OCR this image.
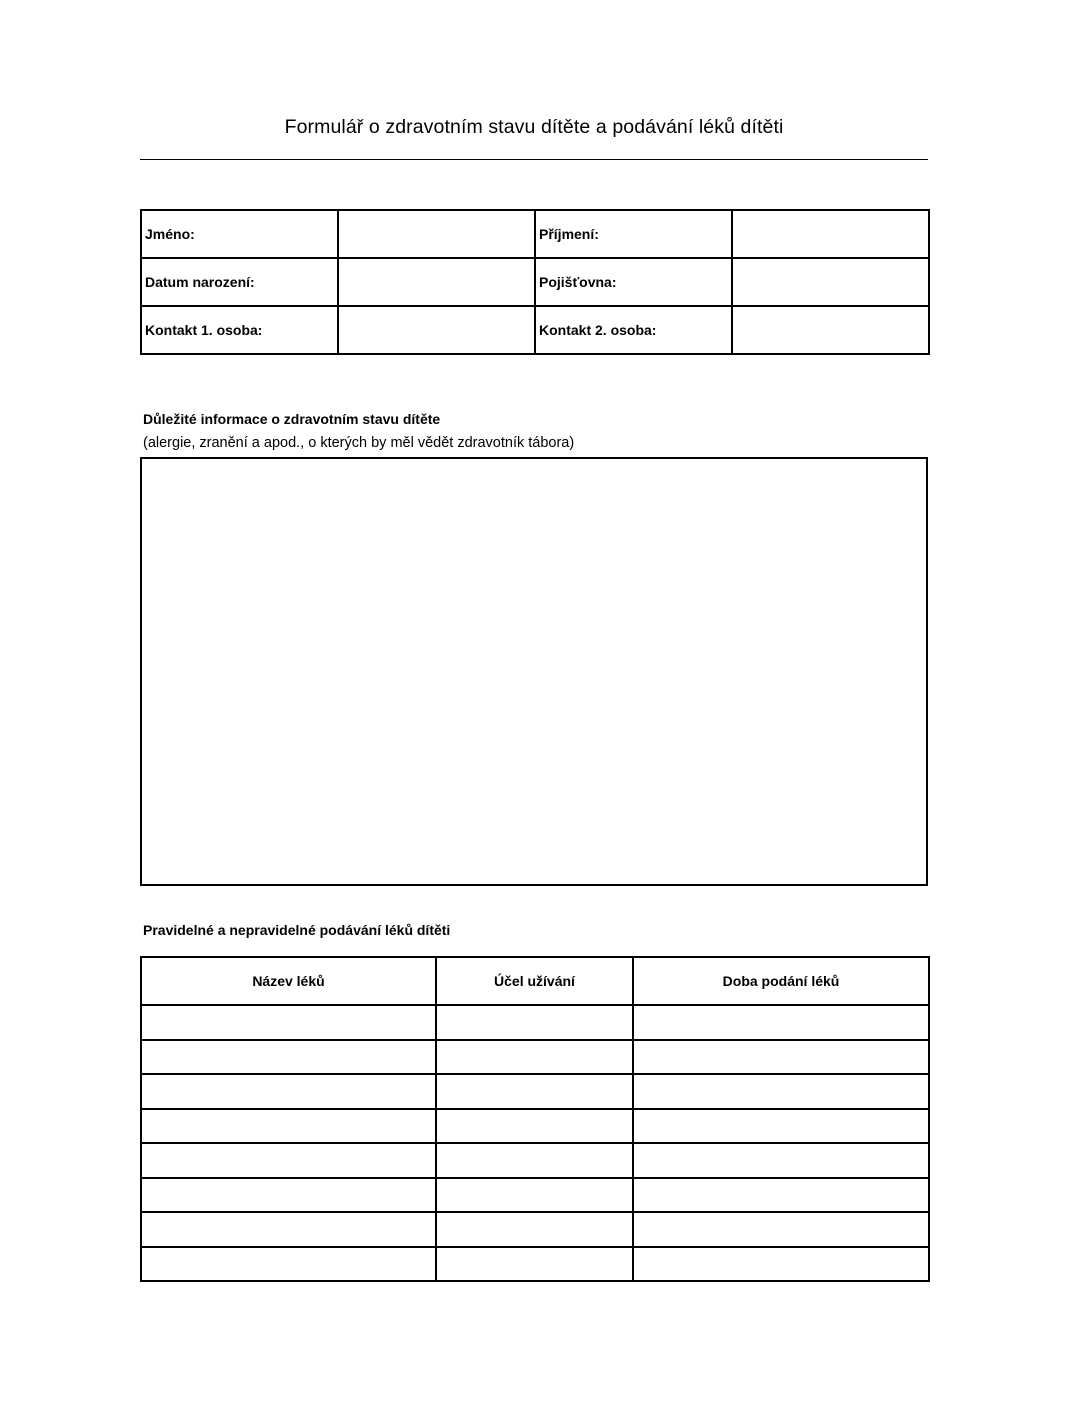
Formulář o zdravotním stavu dítěte a podávání léků dítěti
Jméno:		Příjmení:	
Datum narození:		Pojišťovna:	
Kontakt 1. osoba:		Kontakt 2. osoba:	
Důležité informace o zdravotním stavu dítěte
(alergie, zranění a apod., o kterých by měl vědět zdravotník tábora)
Pravidelné a nepravidelné podávání léků dítěti
Název léků	Účel užívání	Doba podání léků
